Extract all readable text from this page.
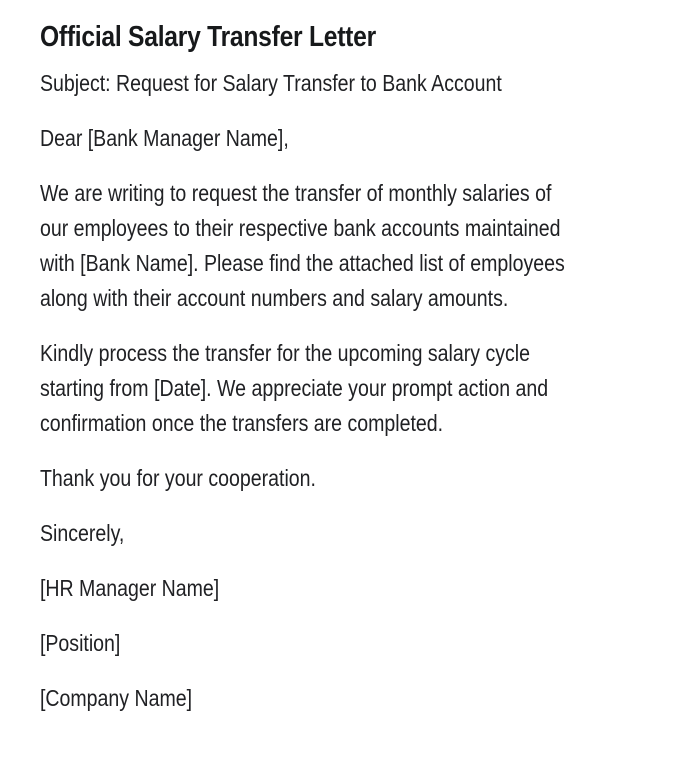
Official Salary Transfer Letter

Subject: Request for Salary Transfer to Bank Account

Dear [Bank Manager Name],

We are writing to request the transfer of monthly salaries of
our employees to their respective bank accounts maintained
with [Bank Name]. Please find the attached list of employees
along with their account numbers and salary amounts.

Kindly process the transfer for the upcoming salary cycle
starting from [Date]. We appreciate your prompt action and
confirmation once the transfers are completed.

Thank you for your cooperation.

Sincerely,

[HR Manager Name]

[Position]

[Company Name]
